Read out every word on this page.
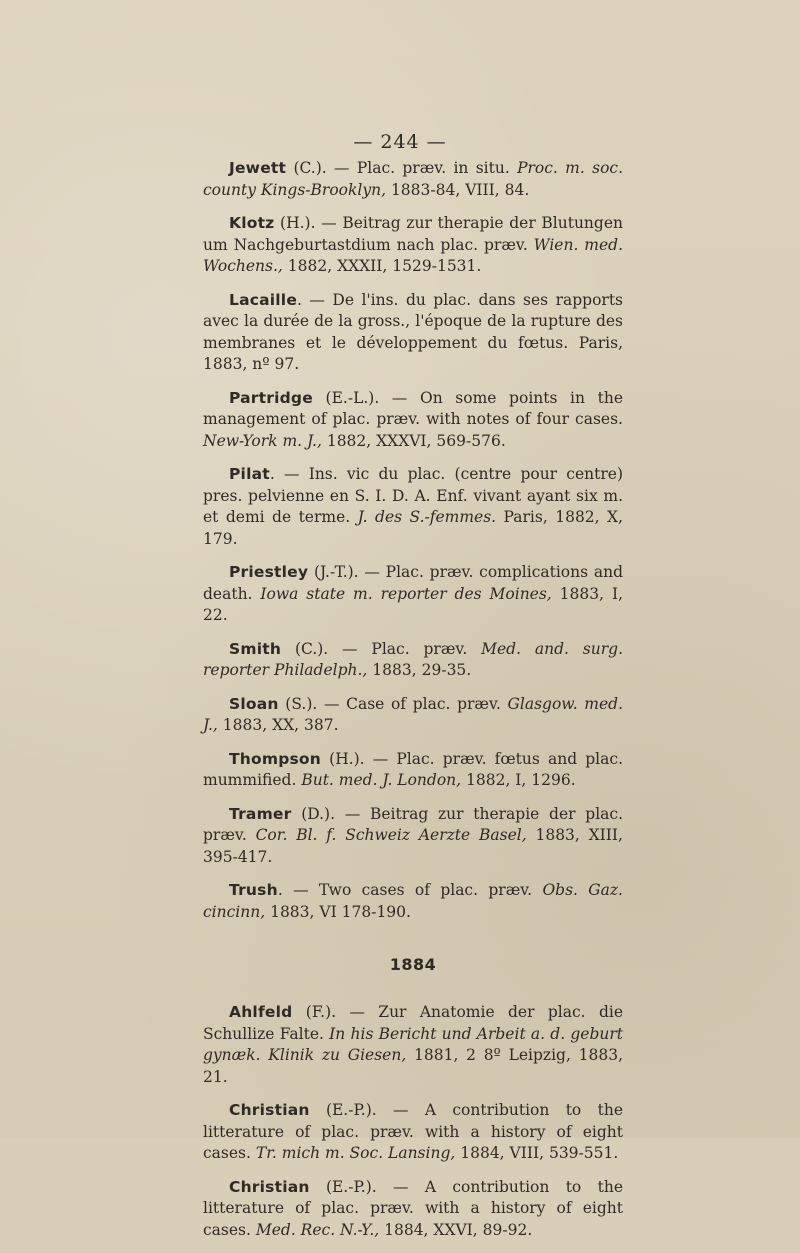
— 244 —

Jewett (C.). — Plac. præv. in situ. Proc. m. soc. county Kings-Brooklyn, 1883-84, VIII, 84.

Klotz (H.). — Beitrag zur therapie der Blutungen um Nachgeburtastdium nach plac. præv. Wien. med. Wochens., 1882, XXXII, 1529-1531.

Lacaille. — De l'ins. du plac. dans ses rapports avec la durée de la gross., l'époque de la rupture des membranes et le développement du fœtus. Paris, 1883, nº 97.

Partridge (E.-L.). — On some points in the management of plac. præv. with notes of four cases. New-York m. J., 1882, XXXVI, 569-576.

Pilat. — Ins. vic du plac. (centre pour centre) pres. pelvienne en S. I. D. A. Enf. vivant ayant six m. et demi de terme. J. des S.-femmes. Paris, 1882, X, 179.

Priestley (J.-T.). — Plac. præv. complications and death. Iowa state m. reporter des Moines, 1883, I, 22.

Smith (C.). — Plac. præv. Med. and. surg. reporter Philadelph., 1883, 29-35.

Sloan (S.). — Case of plac. præv. Glasgow. med. J., 1883, XX, 387.

Thompson (H.). — Plac. præv. fœtus and plac. mummified. But. med. J. London, 1882, I, 1296.

Tramer (D.). — Beitrag zur therapie der plac. præv. Cor. Bl. f. Schweiz Aerzte Basel, 1883, XIII, 395-417.

Trush. — Two cases of plac. præv. Obs. Gaz. cincinn, 1883, VI 178-190.

1884

Ahlfeld (F.). — Zur Anatomie der plac. die Schullize Falte. In his Bericht und Arbeit a. d. geburt gynæk. Klinik zu Giesen, 1881, 2 8º Leipzig, 1883, 21.

Christian (E.-P.). — A contribution to the litterature of plac. præv. with a history of eight cases. Tr. mich m. Soc. Lansing, 1884, VIII, 539-551.

Christian (E.-P.). — A contribution to the litterature of plac. præv. with a history of eight cases. Med. Rec. N.-Y., 1884, XXVI, 89-92.
